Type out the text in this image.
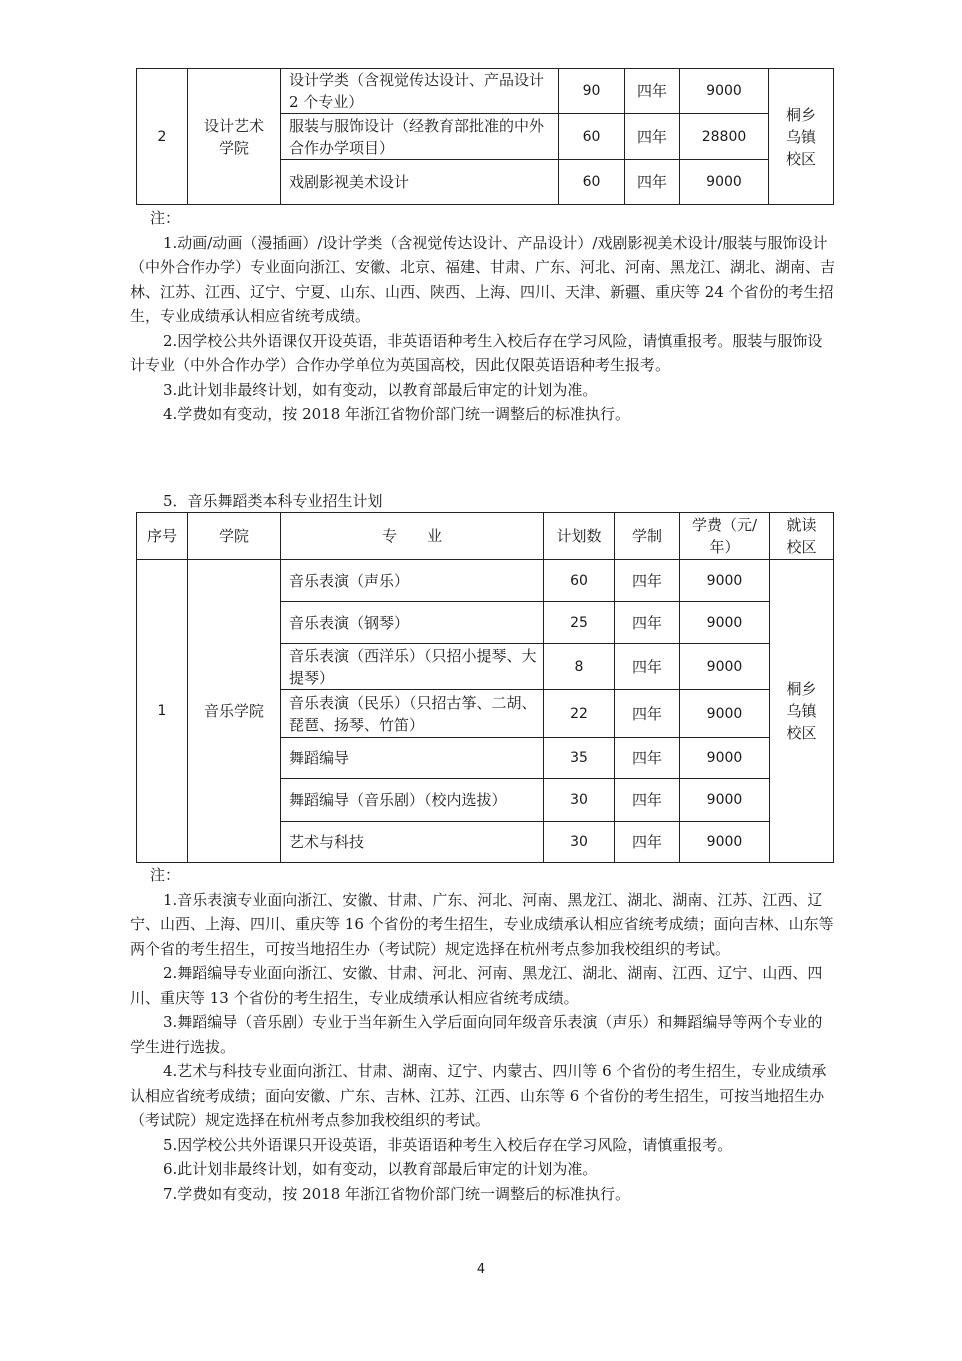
2	设计艺术学院	设计学类（含视觉传达设计、产品设计 2 个专业）	90	四年	9000	桐乡乌镇校区
		服装与服饰设计（经教育部批准的中外合作办学项目）	60	四年	28800	
		戏剧影视美术设计	60	四年	9000	

注：

1.动画/动画（漫插画）/设计学类（含视觉传达设计、产品设计）/戏剧影视美术设计/服装与服饰设计（中外合作办学）专业面向浙江、安徽、北京、福建、甘肃、广东、河北、河南、黑龙江、湖北、湖南、吉林、江苏、江西、辽宁、宁夏、山东、山西、陕西、上海、四川、天津、新疆、重庆等 24 个省份的考生招生，专业成绩承认相应省统考成绩。

2.因学校公共外语课仅开设英语，非英语语种考生入校后存在学习风险，请慎重报考。服装与服饰设计专业（中外合作办学）合作办学单位为英国高校，因此仅限英语语种考生报考。

3.此计划非最终计划，如有变动，以教育部最后审定的计划为准。

4.学费如有变动，按 2018 年浙江省物价部门统一调整后的标准执行。

5．音乐舞蹈类本科专业招生计划

序号	学院	专　　业	计划数	学制	学费（元/年）	就读校区
1	音乐学院	音乐表演（声乐）	60	四年	9000	桐乡乌镇校区
		音乐表演（钢琴）	25	四年	9000	
		音乐表演（西洋乐）（只招小提琴、大提琴）	8	四年	9000	
		音乐表演（民乐）（只招古筝、二胡、琵琶、扬琴、竹笛）	22	四年	9000	
		舞蹈编导	35	四年	9000	
		舞蹈编导（音乐剧）（校内选拔）	30	四年	9000	
		艺术与科技	30	四年	9000	

注：

1.音乐表演专业面向浙江、安徽、甘肃、广东、河北、河南、黑龙江、湖北、湖南、江苏、江西、辽宁、山西、上海、四川、重庆等 16 个省份的考生招生，专业成绩承认相应省统考成绩；面向吉林、山东等两个省的考生招生，可按当地招生办（考试院）规定选择在杭州考点参加我校组织的考试。

2.舞蹈编导专业面向浙江、安徽、甘肃、河北、河南、黑龙江、湖北、湖南、江西、辽宁、山西、四川、重庆等 13 个省份的考生招生，专业成绩承认相应省统考成绩。

3.舞蹈编导（音乐剧）专业于当年新生入学后面向同年级音乐表演（声乐）和舞蹈编导等两个专业的学生进行选拔。

4.艺术与科技专业面向浙江、甘肃、湖南、辽宁、内蒙古、四川等 6 个省份的考生招生，专业成绩承认相应省统考成绩；面向安徽、广东、吉林、江苏、江西、山东等 6 个省份的考生招生，可按当地招生办（考试院）规定选择在杭州考点参加我校组织的考试。

5.因学校公共外语课只开设英语，非英语语种考生入校后存在学习风险，请慎重报考。

6.此计划非最终计划，如有变动，以教育部最后审定的计划为准。

7.学费如有变动，按 2018 年浙江省物价部门统一调整后的标准执行。

4
